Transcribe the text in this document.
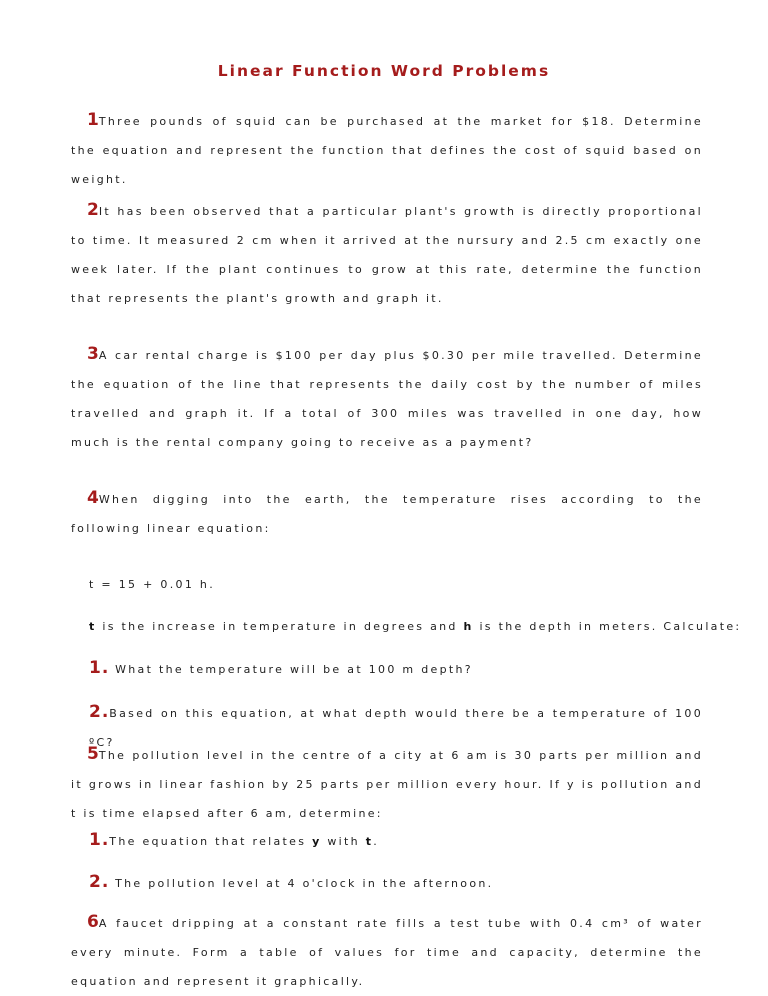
Linear Function Word Problems
1Three pounds of squid can be purchased at the market for $18. Determine the equation and represent the function that defines the cost of squid based on weight.
2It has been observed that a particular plant's growth is directly proportional to time. It measured 2 cm when it arrived at the nursury and 2.5 cm exactly one week later. If the plant continues to grow at this rate, determine the function that represents the plant's growth and graph it.
3A car rental charge is $100 per day plus $0.30 per mile travelled. Determine the equation of the line that represents the daily cost by the number of miles travelled and graph it. If a total of 300 miles was travelled in one day, how much is the rental company going to receive as a payment?
4When digging into the earth, the temperature rises according to the following linear equation:
t = 15 + 0.01 h.
t is the increase in temperature in degrees and h is the depth in meters. Calculate:
1. What the temperature will be at 100 m depth?
2.Based on this equation, at what depth would there be a temperature of 100 ºC?
5The pollution level in the centre of a city at 6 am is 30 parts per million and it grows in linear fashion by 25 parts per million every hour. If y is pollution and t is time elapsed after 6 am, determine:
1.The equation that relates y with t.
2. The pollution level at 4 o'clock in the afternoon.
6A faucet dripping at a constant rate fills a test tube with 0.4 cm³ of water every minute. Form a table of values for time and capacity, determine the equation and represent it graphically.
